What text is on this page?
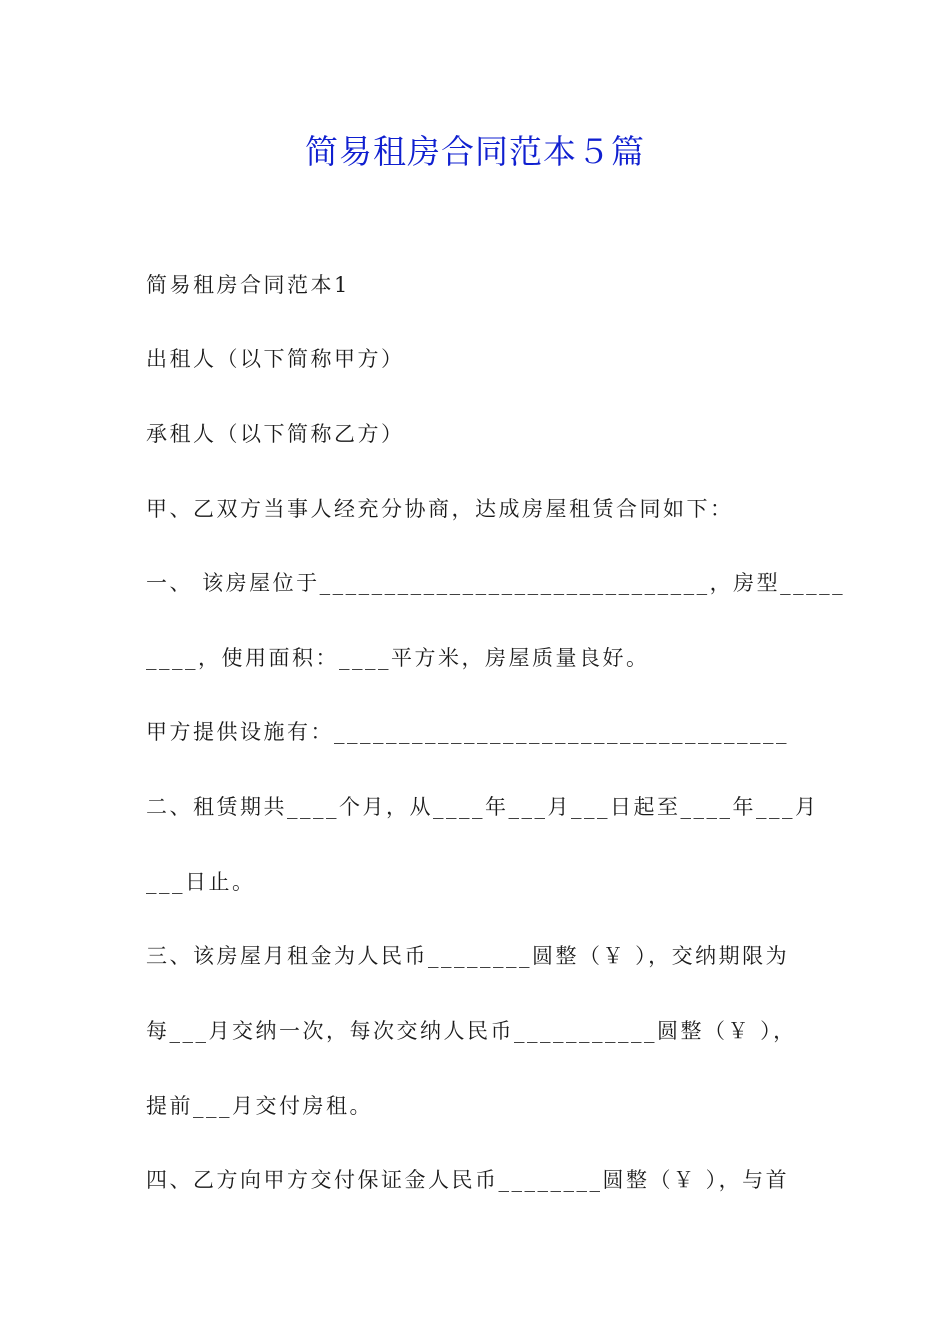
简易租房合同范本５篇

简易租房合同范本1

出租人（以下简称甲方）

承租人（以下简称乙方）

甲、乙双方当事人经充分协商，达成房屋租赁合同如下：

一、 该房屋位于______________________________，房型_____

____，使用面积：____平方米，房屋质量良好。

甲方提供设施有：___________________________________

二、租赁期共____个月，从____年___月___日起至____年___月

___日止。

三、该房屋月租金为人民币________圆整（￥ ），交纳期限为

每___月交纳一次，每次交纳人民币___________圆整（￥ ），

提前___月交付房租。

四、乙方向甲方交付保证金人民币________圆整（￥ ），与首
